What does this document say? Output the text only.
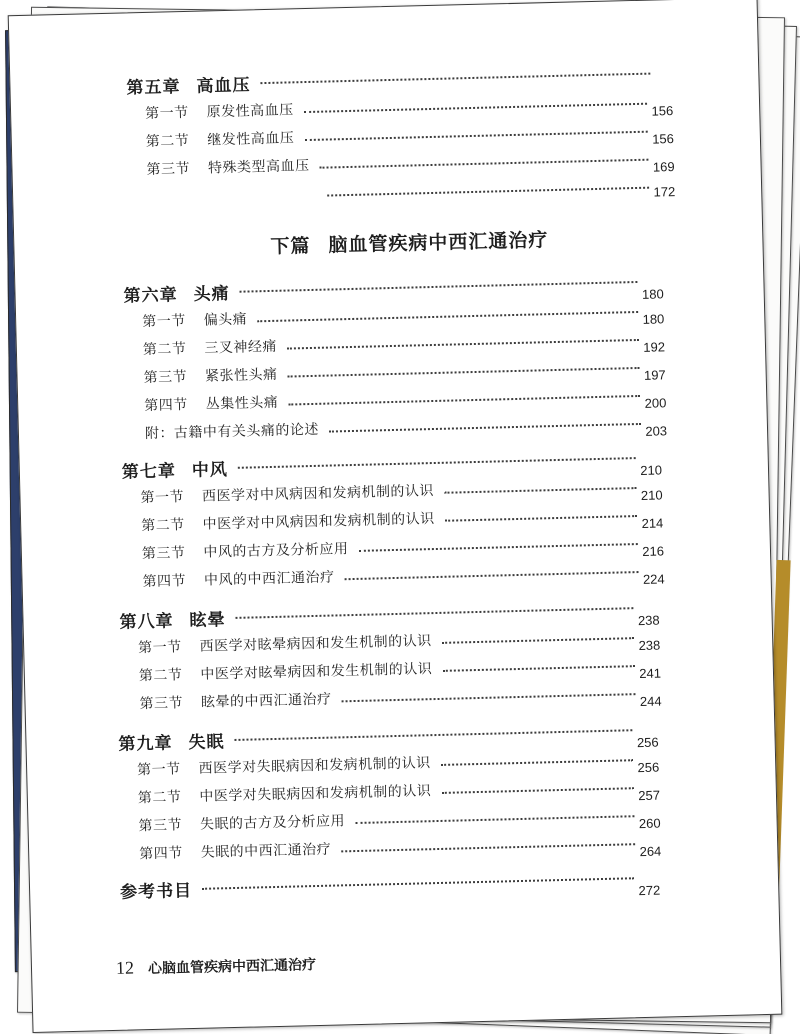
第五章 高血压
第一节 原发性高血压	156
第二节 继发性高血压	156
第三节 特殊类型高血压	169
172
下篇 脑血管疾病中西汇通治疗
第六章 头痛	180
第一节 偏头痛	180
第二节 三叉神经痛	192
第三节 紧张性头痛	197
第四节 丛集性头痛	200
附：古籍中有关头痛的论述	203
第七章 中风	210
第一节 西医学对中风病因和发病机制的认识	210
第二节 中医学对中风病因和发病机制的认识	214
第三节 中风的古方及分析应用	216
第四节 中风的中西汇通治疗	224
第八章 眩晕	238
第一节 西医学对眩晕病因和发生机制的认识	238
第二节 中医学对眩晕病因和发生机制的认识	241
第三节 眩晕的中西汇通治疗	244
第九章 失眠	256
第一节 西医学对失眠病因和发病机制的认识	256
第二节 中医学对失眠病因和发病机制的认识	257
第三节 失眠的古方及分析应用	260
第四节 失眠的中西汇通治疗	264
参考书目	272
12 心脑血管疾病中西汇通治疗
